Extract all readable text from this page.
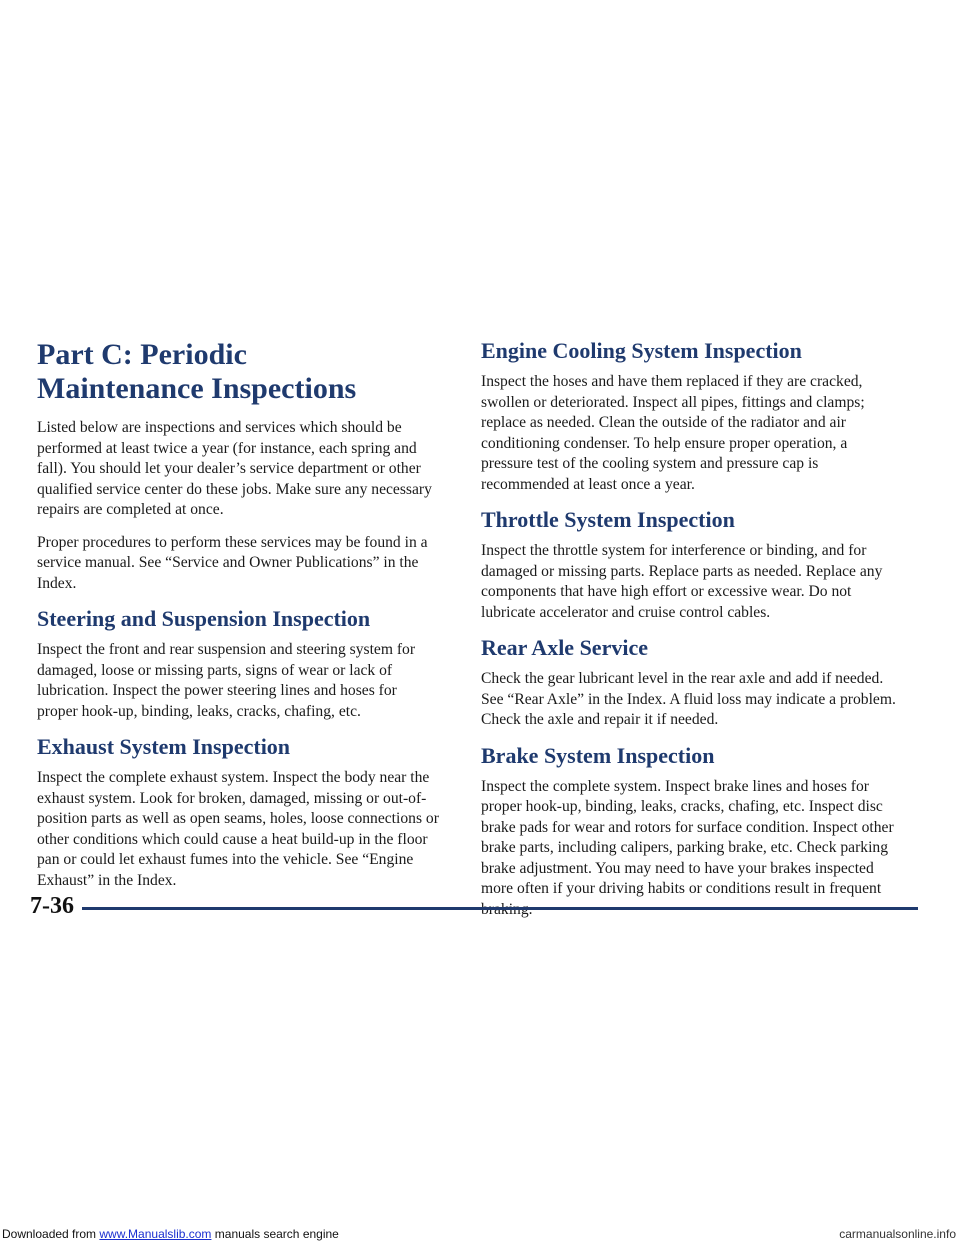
Part C: Periodic
Maintenance Inspections

Listed below are inspections and services which should be performed at least twice a year (for instance, each spring and fall). You should let your dealer’s service department or other qualified service center do these jobs. Make sure any necessary repairs are completed at once.

Proper procedures to perform these services may be found in a service manual. See “Service and Owner Publications” in the Index.

Steering and Suspension Inspection

Inspect the front and rear suspension and steering system for damaged, loose or missing parts, signs of wear or lack of lubrication. Inspect the power steering lines and hoses for proper hook-up, binding, leaks, cracks, chafing, etc.

Exhaust System Inspection

Inspect the complete exhaust system. Inspect the body near the exhaust system. Look for broken, damaged, missing or out-of-position parts as well as open seams, holes, loose connections or other conditions which could cause a heat build-up in the floor pan or could let exhaust fumes into the vehicle. See “Engine Exhaust” in the Index.

Engine Cooling System Inspection

Inspect the hoses and have them replaced if they are cracked, swollen or deteriorated. Inspect all pipes, fittings and clamps; replace as needed. Clean the outside of the radiator and air conditioning condenser. To help ensure proper operation, a pressure test of the cooling system and pressure cap is recommended at least once a year.

Throttle System Inspection

Inspect the throttle system for interference or binding, and for damaged or missing parts. Replace parts as needed. Replace any components that have high effort or excessive wear. Do not lubricate accelerator and cruise control cables.

Rear Axle Service

Check the gear lubricant level in the rear axle and add if needed. See “Rear Axle” in the Index. A fluid loss may indicate a problem. Check the axle and repair it if needed.

Brake System Inspection

Inspect the complete system. Inspect brake lines and hoses for proper hook-up, binding, leaks, cracks, chafing, etc. Inspect disc brake pads for wear and rotors for surface condition. Inspect other brake parts, including calipers, parking brake, etc. Check parking brake adjustment. You may need to have your brakes inspected more often if your driving habits or conditions result in frequent

7-36
Downloaded from www.Manualslib.com manuals search engine	carmanualsonline.info
